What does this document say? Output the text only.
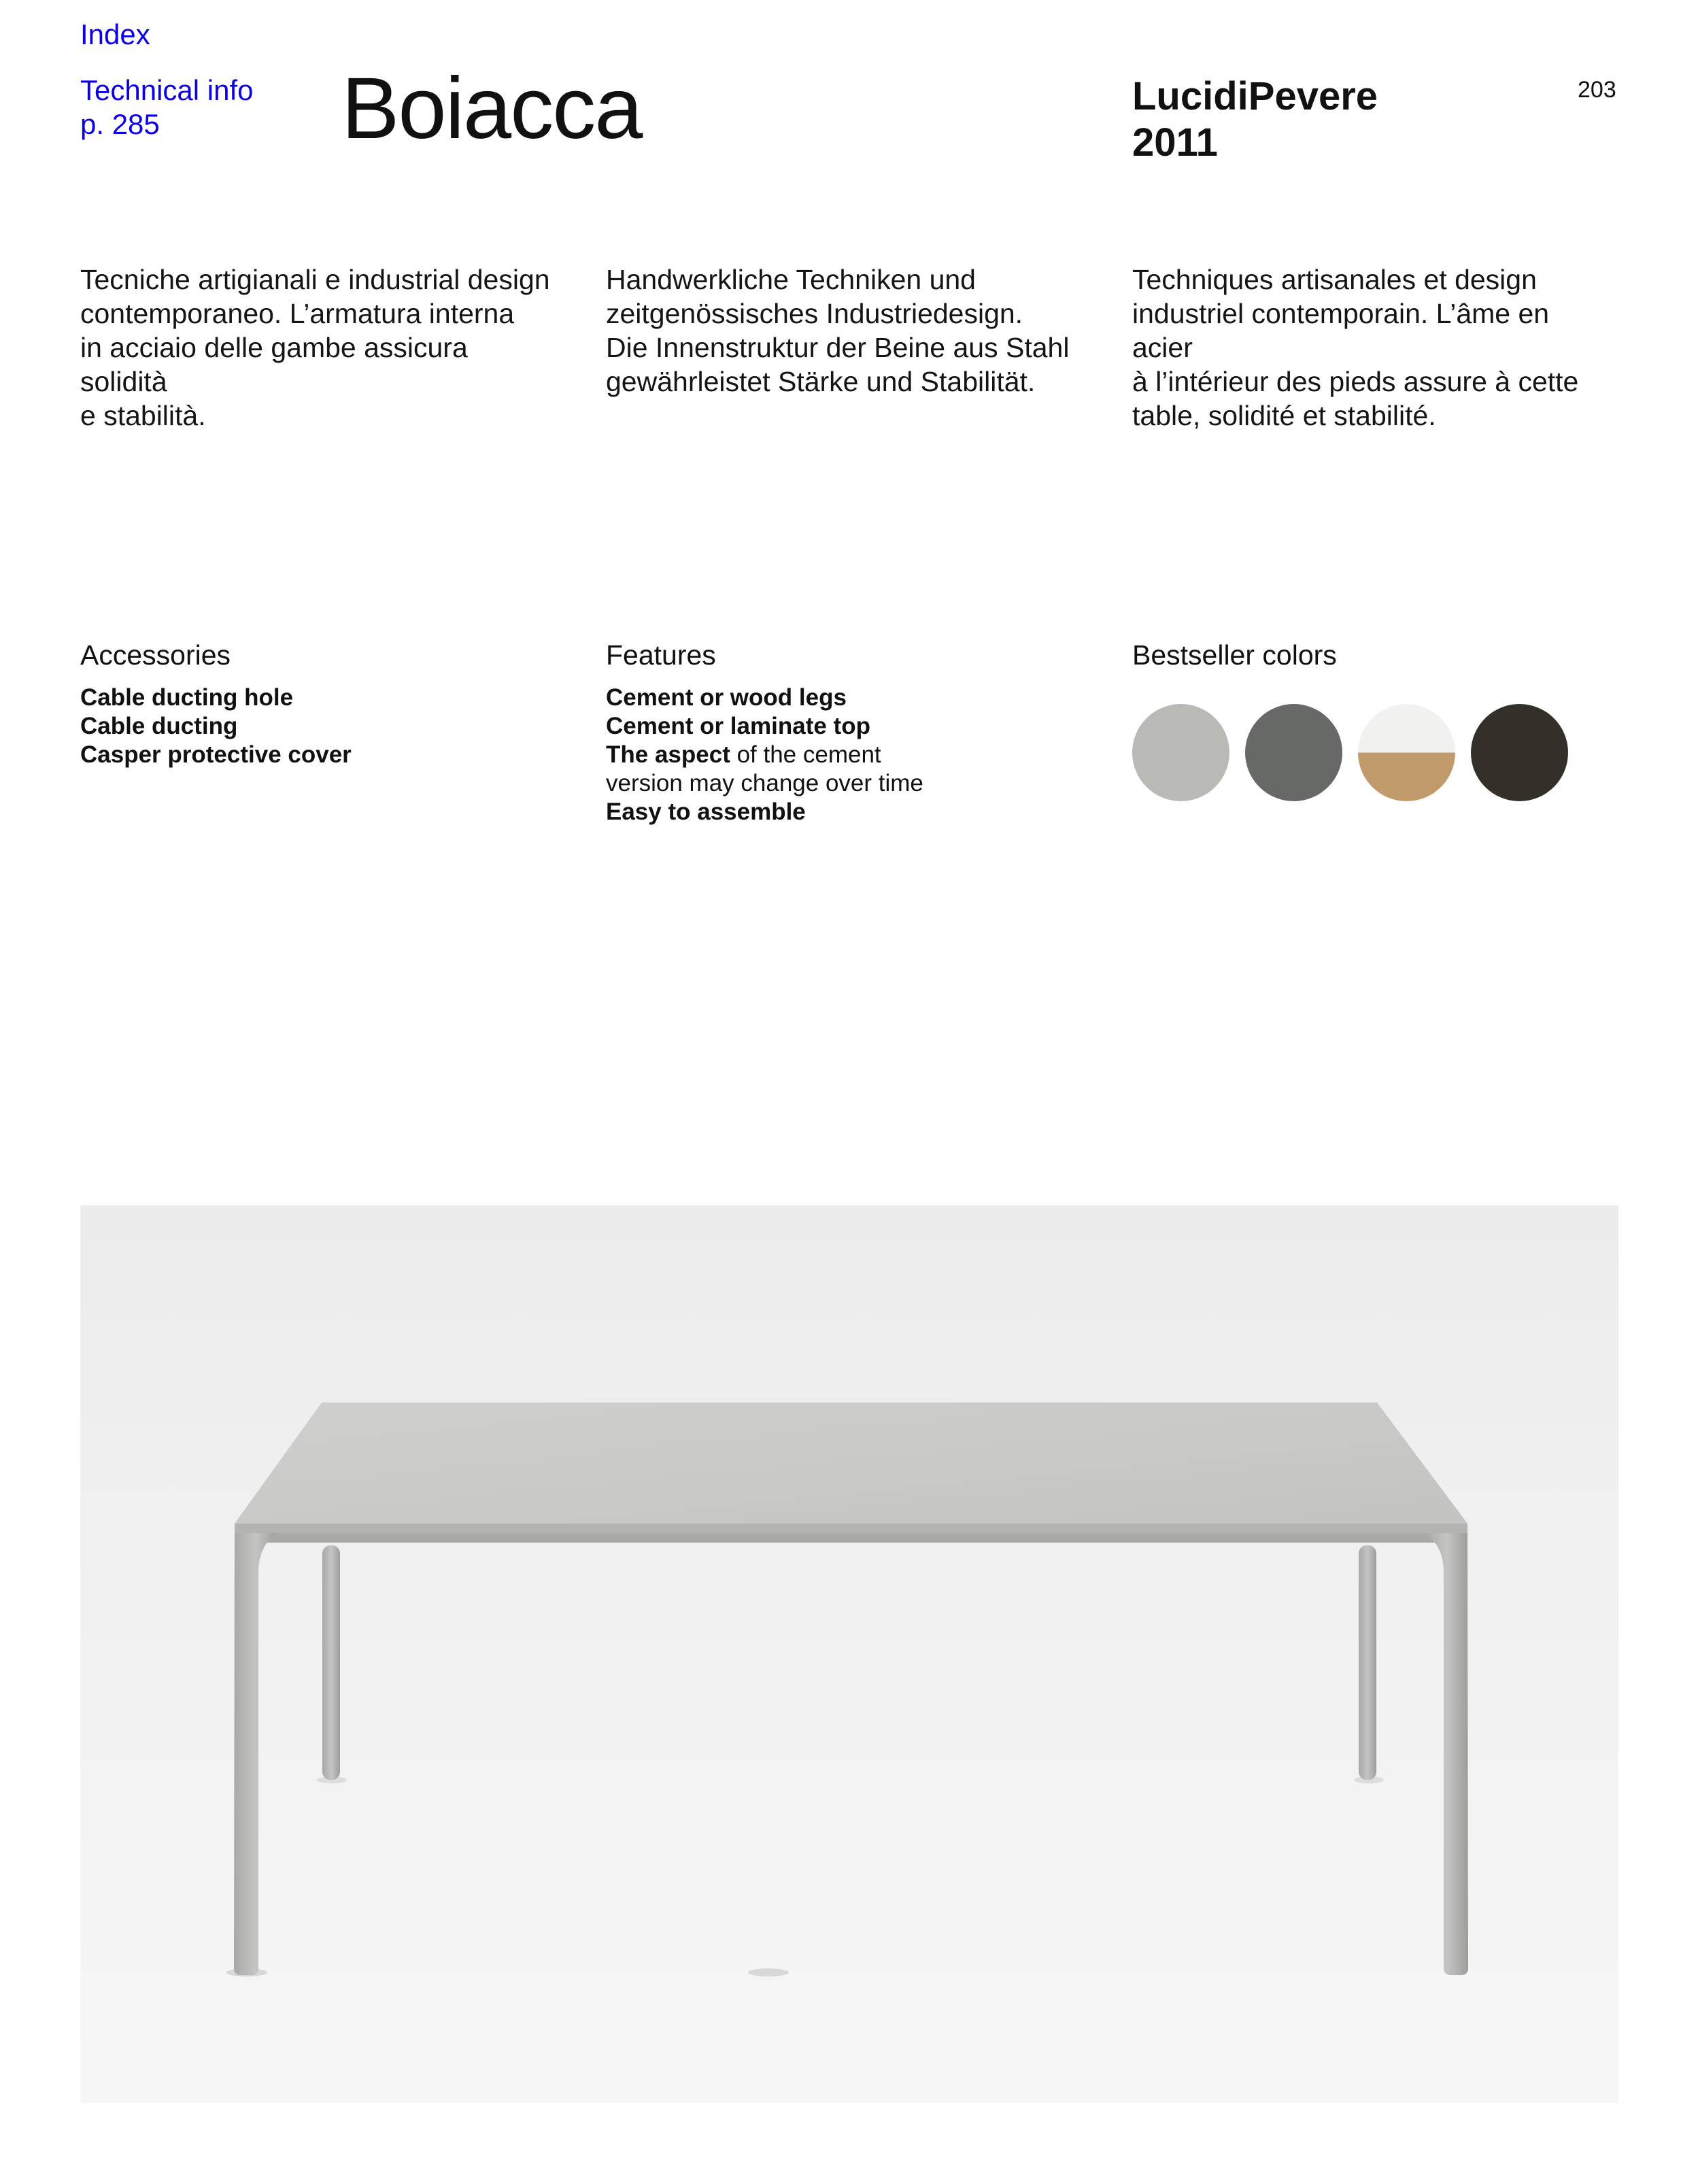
Index
Technical info
p. 285	Boiacca	LucidiPevere
2011
203
Tecniche artigianali e industrial design
contemporaneo. L’armatura interna
in acciaio delle gambe assicura solidità
e stabilità.
Handwerkliche Techniken und
zeitgenössisches Industriedesign.
Die Innenstruktur der Beine aus Stahl
gewährleistet Stärke und Stabilität.
Techniques artisanales et design
industriel contemporain. L’âme en acier
à l’intérieur des pieds assure à cette
table, solidité et stabilité.
Accessories
Cable ducting hole
Cable ducting
Casper protective cover
Features
Cement or wood legs
Cement or laminate top
The aspect of the cement
version may change over time
Easy to assemble
Bestseller colors
